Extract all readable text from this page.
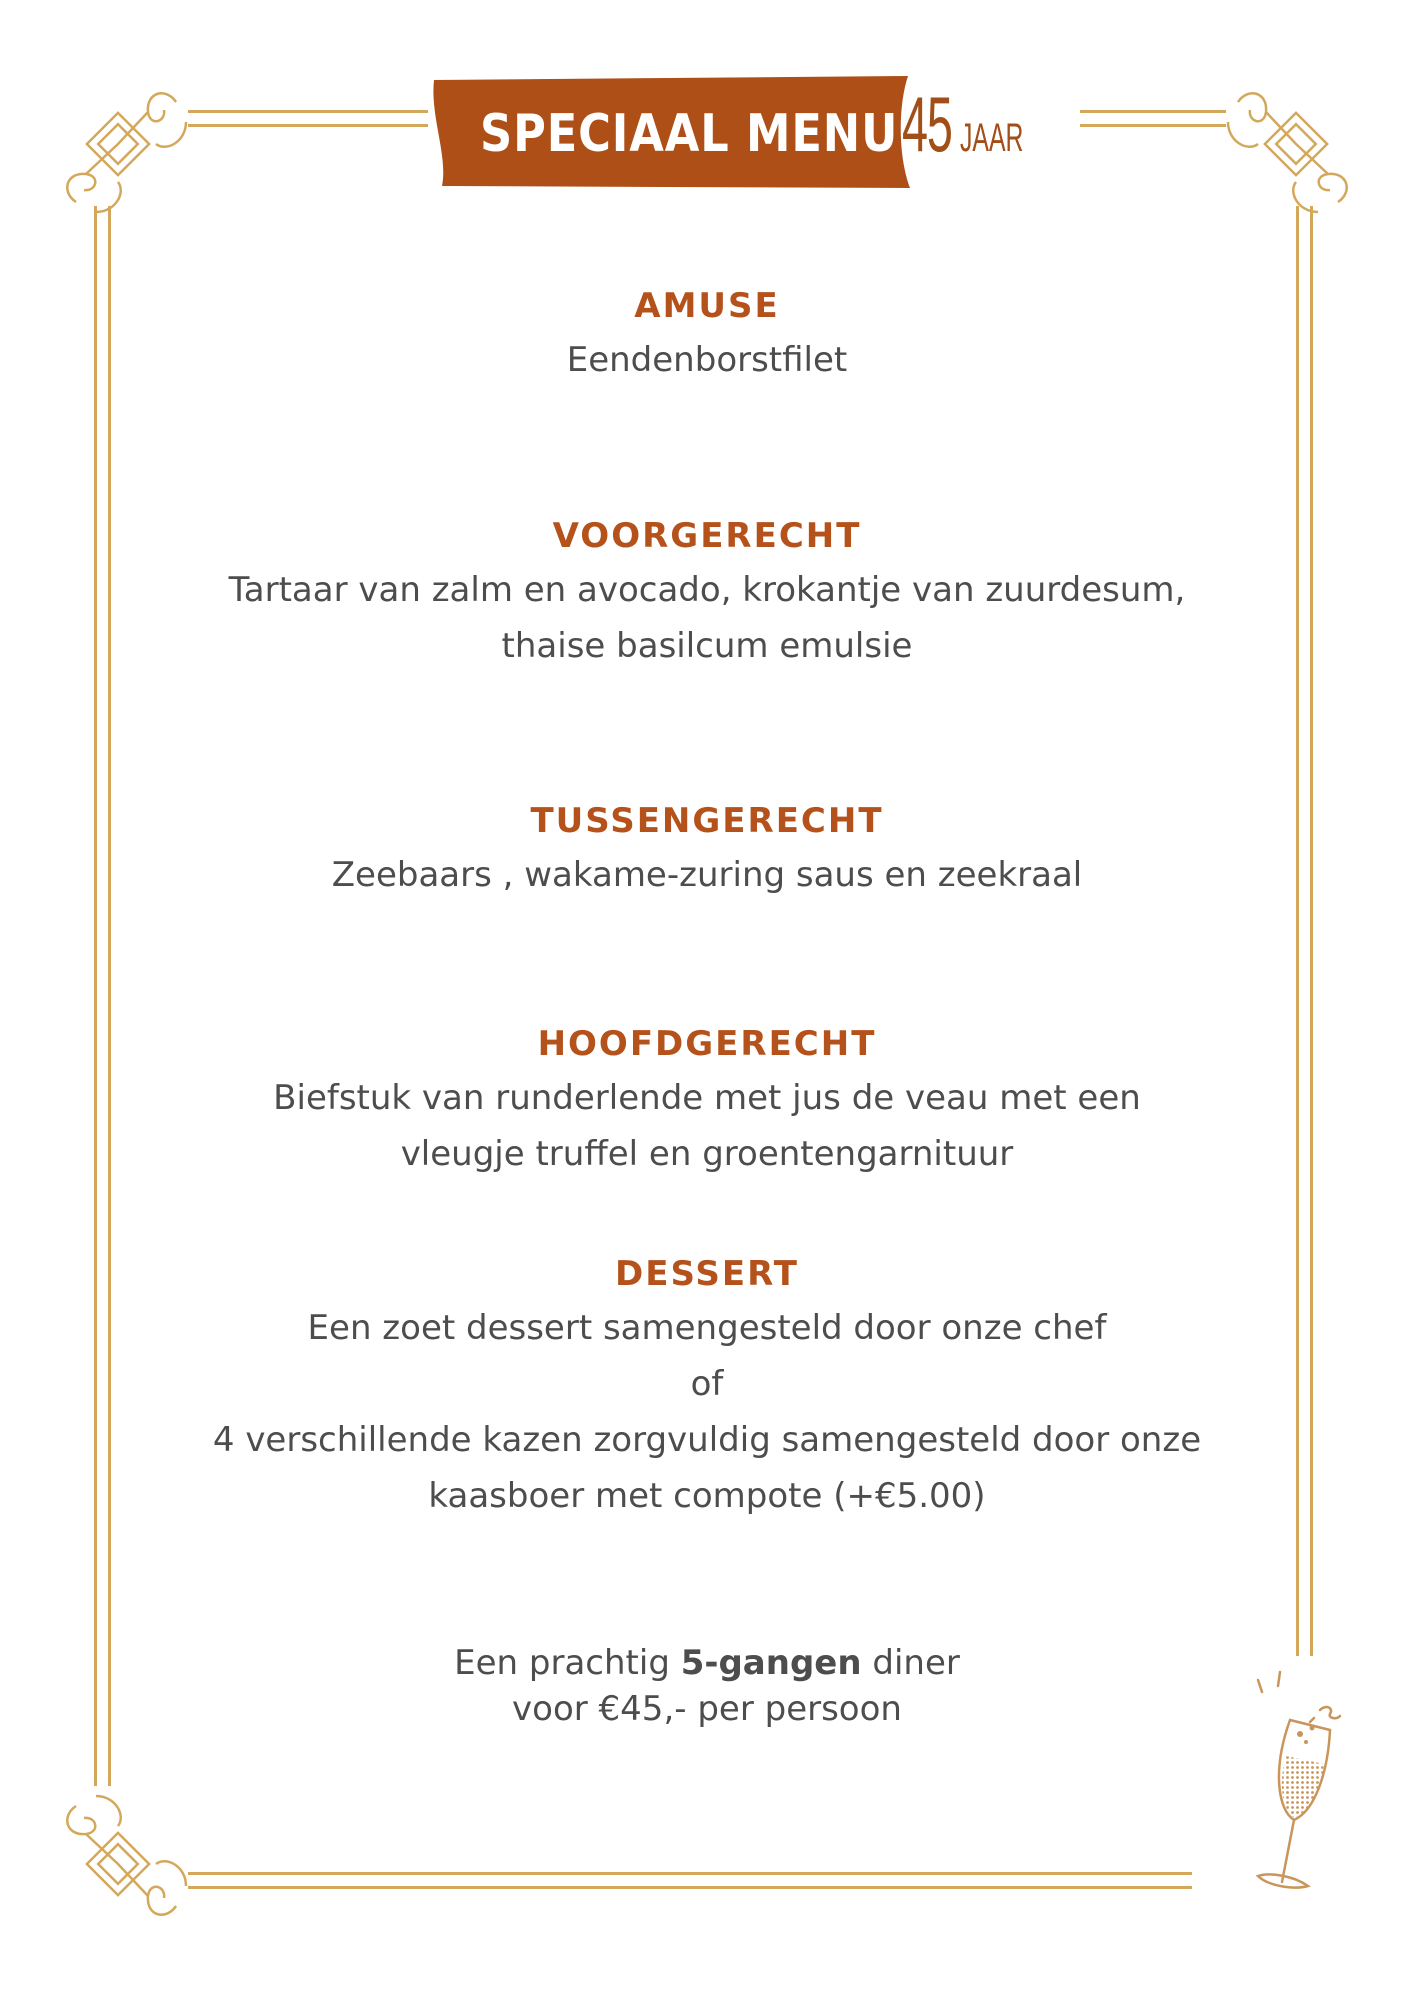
SPECIAAL MENU 45 JAAR
AMUSE
Eendenborstfilet
VOORGERECHT
Tartaar van zalm en avocado, krokantje van zuurdesum,
thaise basilcum emulsie
TUSSENGERECHT
Zeebaars , wakame-zuring saus en zeekraal
HOOFDGERECHT
Biefstuk van runderlende met jus de veau met een
vleugje truffel en groentengarnituur
DESSERT
Een zoet dessert samengesteld door onze chef
of
4 verschillende kazen zorgvuldig samengesteld door onze
kaasboer met compote (+€5.00)
Een prachtig 5-gangen diner
voor €45,- per persoon
